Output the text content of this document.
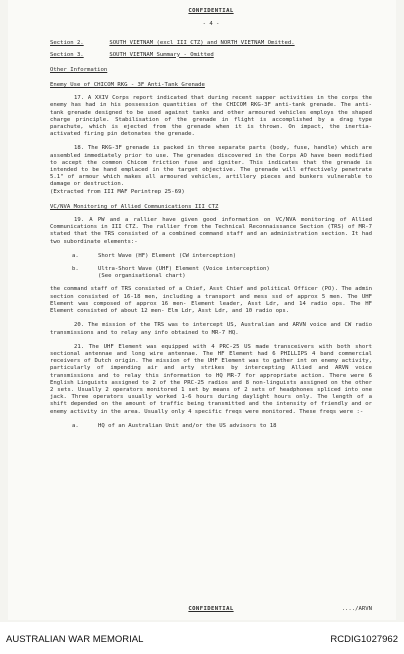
CONFIDENTIAL
- 4 -
Section 2.	SOUTH VIETNAM (excl III CTZ) and NORTH VIETNAM Omitted.
Section 3.	SOUTH VIETNAM Summary - Omitted
Other Information
Enemy Use of CHICOM RKG - 3F Anti-Tank Grenade

17. A XXIV Corps report indicated that during recent sapper activities in the corps the enemy has had in his possession quantities of the CHICOM RKG-3F anti-tank grenade. The anti-tank grenade designed to be used against tanks and other armoured vehicles employs the shaped charge principle. Stabilisation of the grenade in flight is accomplished by a drag type parachute, which is ejected from the grenade when it is thrown. On impact, the inertia-activated firing pin detonates the grenade.

18. The RKG-3F grenade is packed in three separate parts (body, fuse, handle) which are assembled immediately prior to use. The grenades discovered in the Corps AO have been modified to accept the common Chicom friction fuse and igniter. This indicates that the grenade is intended to be hand emplaced in the target objective. The grenade will effectively penetrate 5.1" of armour which makes all armoured vehicles, artillery pieces and bunkers vulnerable to damage or destruction.
(Extracted from III MAF Perintrep 25-69)

VC/NVA Monitoring of Allied Communications III CTZ

19. A PW and a rallier have given good information on VC/NVA monitoring of Allied Communications in III CTZ. The rallier from the Technical Reconnaissance Section (TRS) of MR-7 stated that the TRS consisted of a combined command staff and an administration section. It had two subordinate elements:-

a.	Short Wave (HF) Element (CW interception)
b.	Ultra-Short Wave (UHF) Element (Voice interception)
(See organisational chart)

the command staff of TRS consisted of a Chief, Asst Chief and political Officer (PO). The admin section consisted of 16-18 men, including a transport and mess ssd of approx 5 men. The UHF Element was composed of approx 16 men- Element leader, Asst Ldr, and 14 radio ops. The HF Element consisted of about 12 men- Elm Ldr, Asst Ldr, and 10 radio ops.

20. The mission of the TRS was to intercept US, Australian and ARVN voice and CW radio transmissions and to relay any info obtained to MR-7 HQ.

21. The UHF Element was equipped with 4 PRC-25 US made transceivers with both short sectional antennae and long wire antennae. The HF Element had 6 PHILLIPS 4 band commercial receivers of Dutch origin. The mission of the UHF Element was to gather int on enemy activity, particularly of impending air and arty strikes by intercepting Allied and ARVN voice transmissions and to relay this information to HQ MR-7 for appropriate action. There were 6 English Linguists assigned to 2 of the PRC-25 radios and 8 non-linguists assigned on the other 2 sets. Usually 2 operators monitored 1 set by means of 2 sets of headphones spliced into one jack. Three operators usually worked 1-6 hours during daylight hours only. The length of a shift depended on the amount of traffic being transmitted and the intensity of friendly and or enemy activity in the area. Usually only 4 specific freqs were monitored. These freqs were :-

a.	HQ of an Australian Unit and/or the US advisors to 18
CONFIDENTIAL	..../ARVN
AUSTRALIAN WAR MEMORIAL	RCDIG1027962
